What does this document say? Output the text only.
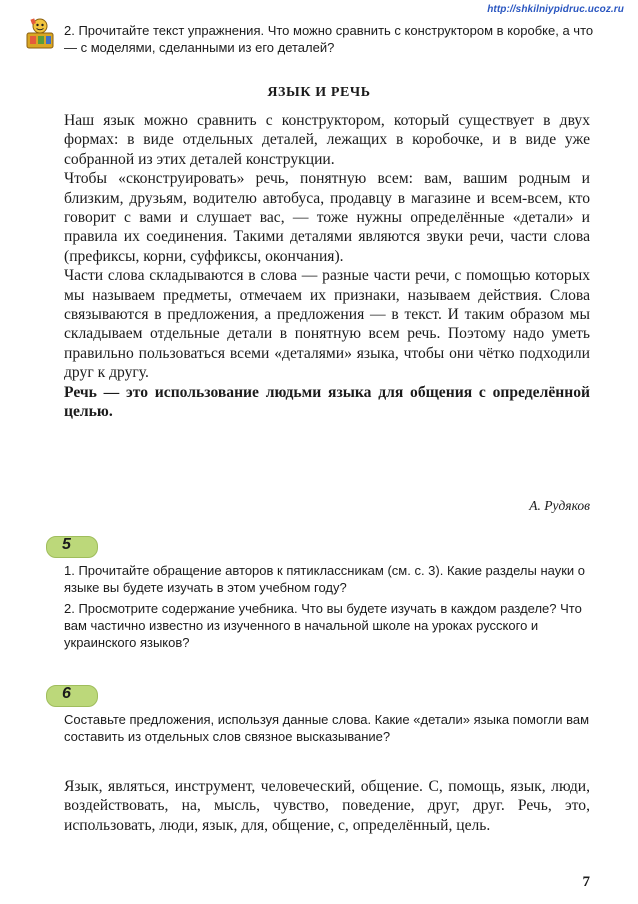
http://shkilniypidruc.ucoz.ru
2. Прочитайте текст упражнения. Что можно сравнить с конструктором в коробке, а что — с моделями, сделанными из его деталей?
ЯЗЫК И РЕЧЬ

Наш язык можно сравнить с конструктором, который существует в двух формах: в виде отдельных деталей, лежащих в коробочке, и в виде уже собранной из этих деталей конструкции.

Чтобы «сконструировать» речь, понятную всем: вам, вашим родным и близким, друзьям, водителю автобуса, продавцу в магазине и всем-всем, кто говорит с вами и слушает вас, — тоже нужны определённые «детали» и правила их соединения. Такими деталями являются звуки речи, части слова (префиксы, корни, суффиксы, окончания).

Части слова складываются в слова — разные части речи, с помощью которых мы называем предметы, отмечаем их признаки, называем действия. Слова связываются в предложения, а предложения — в текст. И таким образом мы складываем отдельные детали в понятную всем речь. Поэтому надо уметь правильно пользоваться всеми «деталями» языка, чтобы они чётко подходили друг к другу.

Речь — это использование людьми языка для общения с определённой целью.

А. Рудяков
5

1. Прочитайте обращение авторов к пятиклассникам (см. с. 3). Какие разделы науки о языке вы будете изучать в этом учебном году?

2. Просмотрите содержание учебника. Что вы будете изучать в каждом разделе? Что вам частично известно из изученного в начальной школе на уроках русского и украинского языков?

6

Составьте предложения, используя данные слова. Какие «детали» языка помогли вам составить из отдельных слов связное высказывание?

Язык, являться, инструмент, человеческий, общение. С, помощь, язык, люди, воздействовать, на, мысль, чувство, поведение, друг, друг. Речь, это, использовать, люди, язык, для, общение, с, определённый, цель.
7
